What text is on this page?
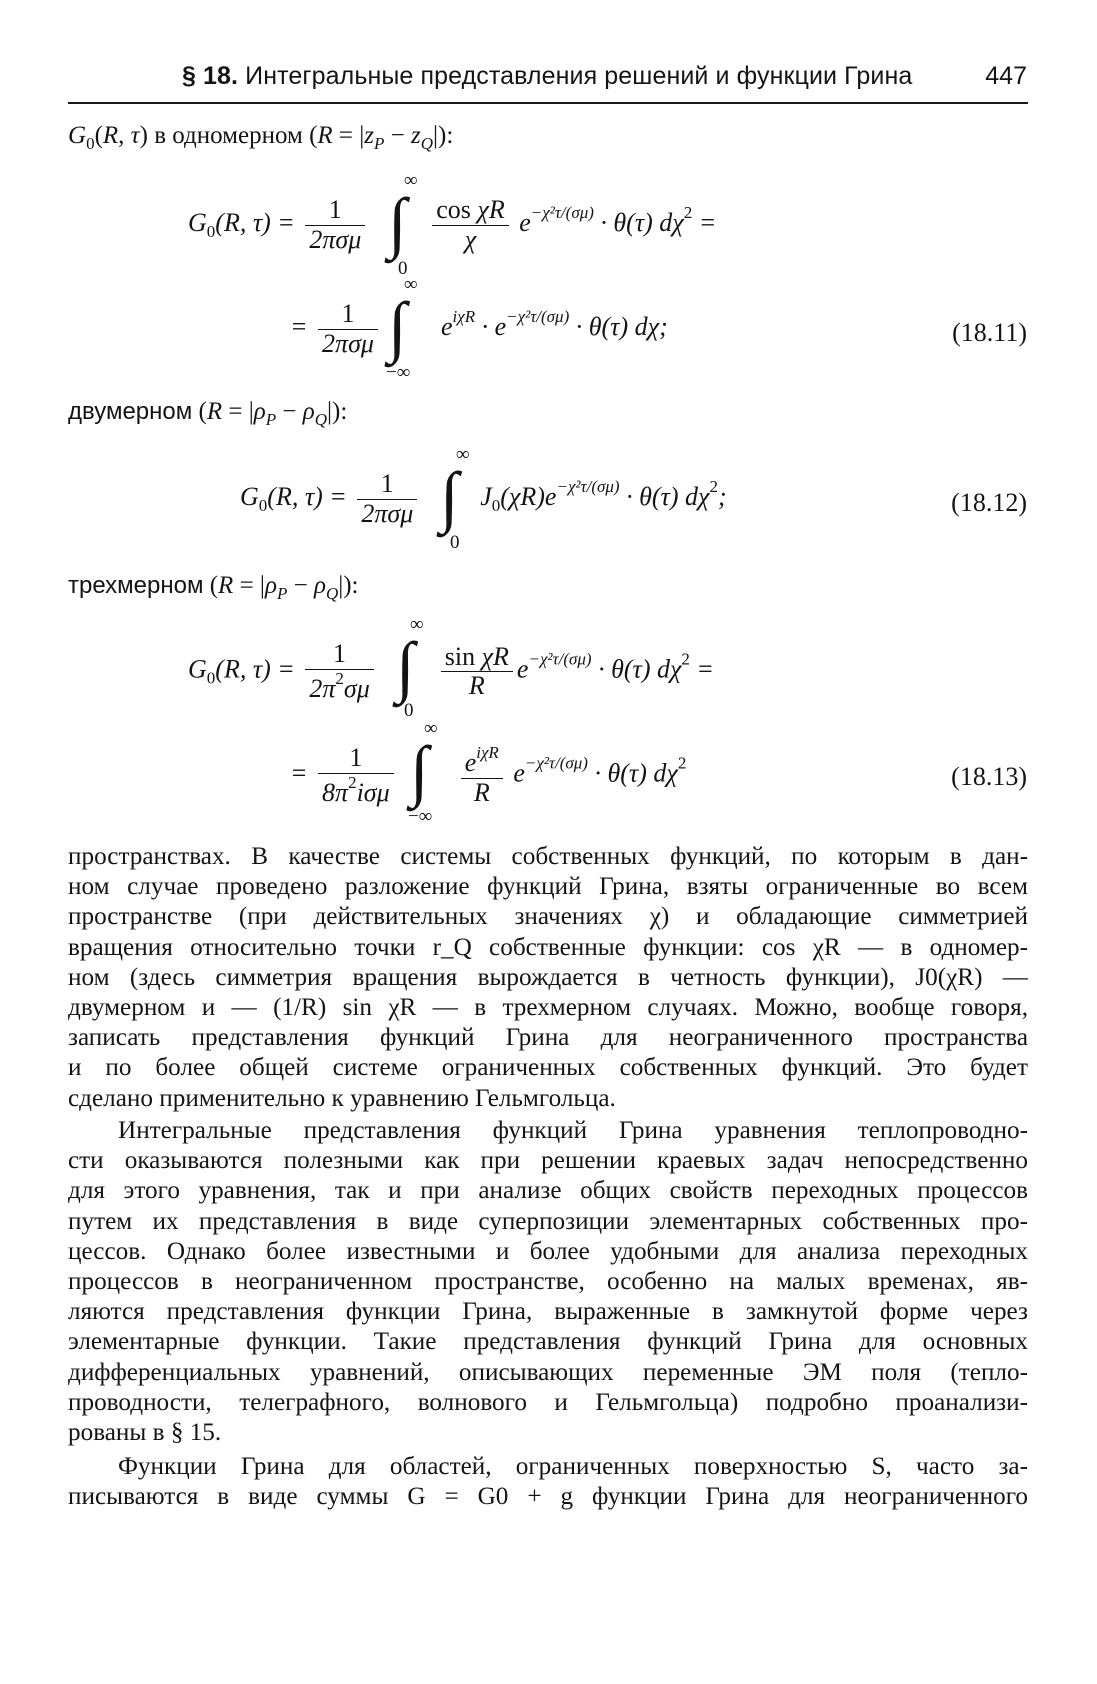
§ 18. Интегральные представления решений и функции Грина	447
$G_0(R$, τ) в одномерном $(R = |z_P - z_Q|)$:
$G_0(R$, $\tau) = \frac{1}{\text{2πσμ}}$
	$\frac{\text{cos χR}}{\chi} e^{-\chi^2\tau/(\sigma\mu)} \cdot \theta(\tau) d\chi^2$ =
∫
∞
0
= $\frac{1}{\text{2πσμ}} e^{i\chi R} \cdot e^{-\chi^2\tau/(\sigma\mu)} \cdot \theta(\tau)$ dχ;
∫
∞
−∞
(18.11)
двумерном $(R = |\rho_P - \rho_Q|)$:
$G_0(R$, $\tau) = \frac{1}{\text{2πσμ}} J_0(\chi R)e^{-\chi^2\tau/(\sigma\mu)} \cdot \theta(\tau)$ $d\chi^2$;
∫
∞
0
(18.12)
трехмерном $(R = |\rho_P - \rho_Q|)$:
$G_0(R$, $\tau) = \frac{1}{2\pi^2\sigma\mu}$
	$\frac{\text{sin χR}}{R} e^{-\chi^2\tau/(\sigma\mu)} \cdot \theta(\tau) d\chi^2$ =
∫
∞
0
= $\frac{1}{8\pi^2i\sigma\mu}$
	$\frac{e^{i\chi R}}{R} e^{-\chi^2\tau/(\sigma\mu)} \cdot \theta(\tau)$ $d\chi^2$
∫
∞
−∞
(18.13)
пространствах. В качестве системы собственных функций, по которым в дан-
ном случае проведено разложение функций Грина, взяты ограниченные во всем
пространстве (при действительных значениях χ) и обладающие симметрией
вращения относительно точки r_Q собственные функции: cos χR — в одномер-
ном (здесь симметрия вращения вырождается в четность функции), J0(χR) —
двумерном и — (1/R) sin χR — в трехмерном случаях. Можно, вообще говоря,
записать представления функций Грина для неограниченного пространства
и по более общей системе ограниченных собственных функций. Это будет
сделано применительно к уравнению Гельмгольца.
Интегральные представления функций Грина уравнения теплопроводно-
сти оказываются полезными как при решении краевых задач непосредственно
для этого уравнения, так и при анализе общих свойств переходных процессов
путем их представления в виде суперпозиции элементарных собственных про-
цессов. Однако более известными и более удобными для анализа переходных
процессов в неограниченном пространстве, особенно на малых временах, яв-
ляются представления функции Грина, выраженные в замкнутой форме через
элементарные функции. Такие представления функций Грина для основных
дифференциальных уравнений, описывающих переменные ЭМ поля (тепло-
проводности, телеграфного, волнового и Гельмгольца) подробно проанализи-
рованы в § 15.
Функции Грина для областей, ограниченных поверхностью S, часто за-
писываются в виде суммы G = G0 + g функции Грина для неограниченного
